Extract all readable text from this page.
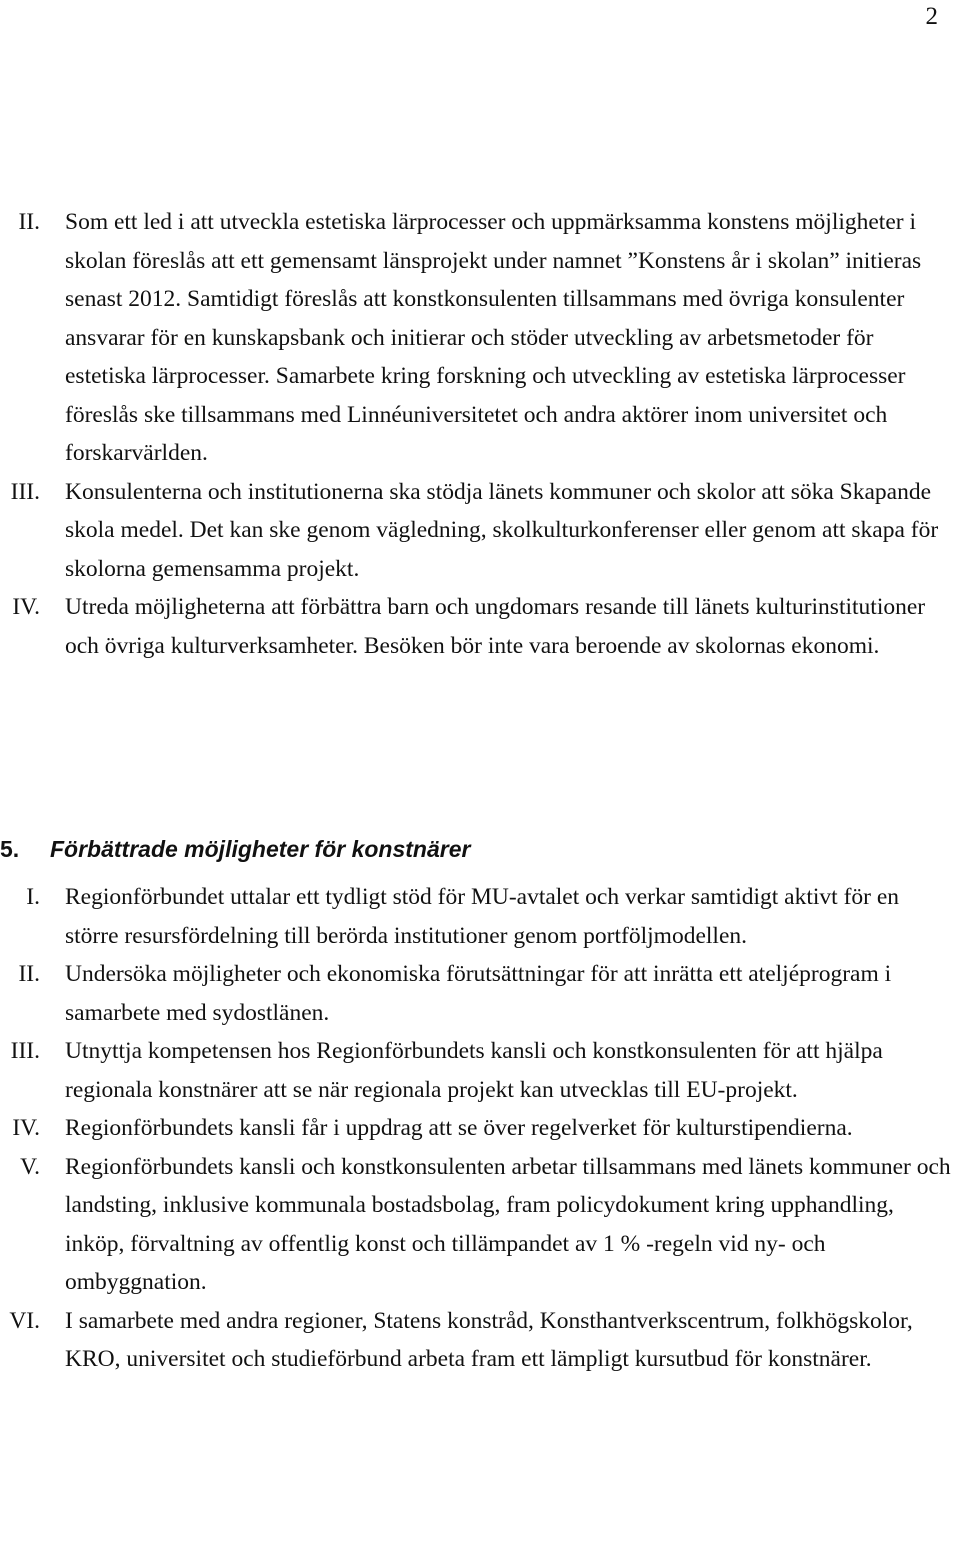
2
II. Som ett led i att utveckla estetiska lärprocesser och uppmärksamma konstens möjligheter i skolan föreslås att ett gemensamt länsprojekt under namnet ”Konstens år i skolan” initieras senast 2012. Samtidigt föreslås att konstkonsulenten tillsammans med övriga konsulenter ansvarar för en kunskapsbank och initierar och stöder utveckling av arbetsmetoder för estetiska lärprocesser. Samarbete kring forskning och utveckling av estetiska lärprocesser föreslås ske tillsammans med Linnéuniversitetet och andra aktörer inom universitet och forskarvärlden.
III. Konsulenterna och institutionerna ska stödja länets kommuner och skolor att söka Skapande skola medel. Det kan ske genom vägledning, skolkulturkonferenser eller genom att skapa för skolorna gemensamma projekt.
IV. Utreda möjligheterna att förbättra barn och ungdomars resande till länets kulturinstitutioner och övriga kulturverksamheter. Besöken bör inte vara beroende av skolornas ekonomi.
5. Förbättrade möjligheter för konstnärer
I. Regionförbundet uttalar ett tydligt stöd för MU-avtalet och verkar samtidigt aktivt för en större resursfördelning till berörda institutioner genom portföljmodellen.
II. Undersöka möjligheter och ekonomiska förutsättningar för att inrätta ett ateljéprogram i samarbete med sydostlänen.
III. Utnyttja kompetensen hos Regionförbundets kansli och konstkonsulenten för att hjälpa regionala konstnärer att se när regionala projekt kan utvecklas till EU-projekt.
IV. Regionförbundets kansli får i uppdrag att se över regelverket för kulturstipendierna.
V. Regionförbundets kansli och konstkonsulenten arbetar tillsammans med länets kommuner och landsting, inklusive kommunala bostadsbolag, fram policydokument kring upphandling, inköp, förvaltning av offentlig konst och tillämpandet av 1 % -regeln vid ny- och ombyggnation.
VI. I samarbete med andra regioner, Statens konstråd, Konsthantverkscentrum, folkhögskolor, KRO, universitet och studieförbund arbeta fram ett lämpligt kursutbud för konstnärer.
